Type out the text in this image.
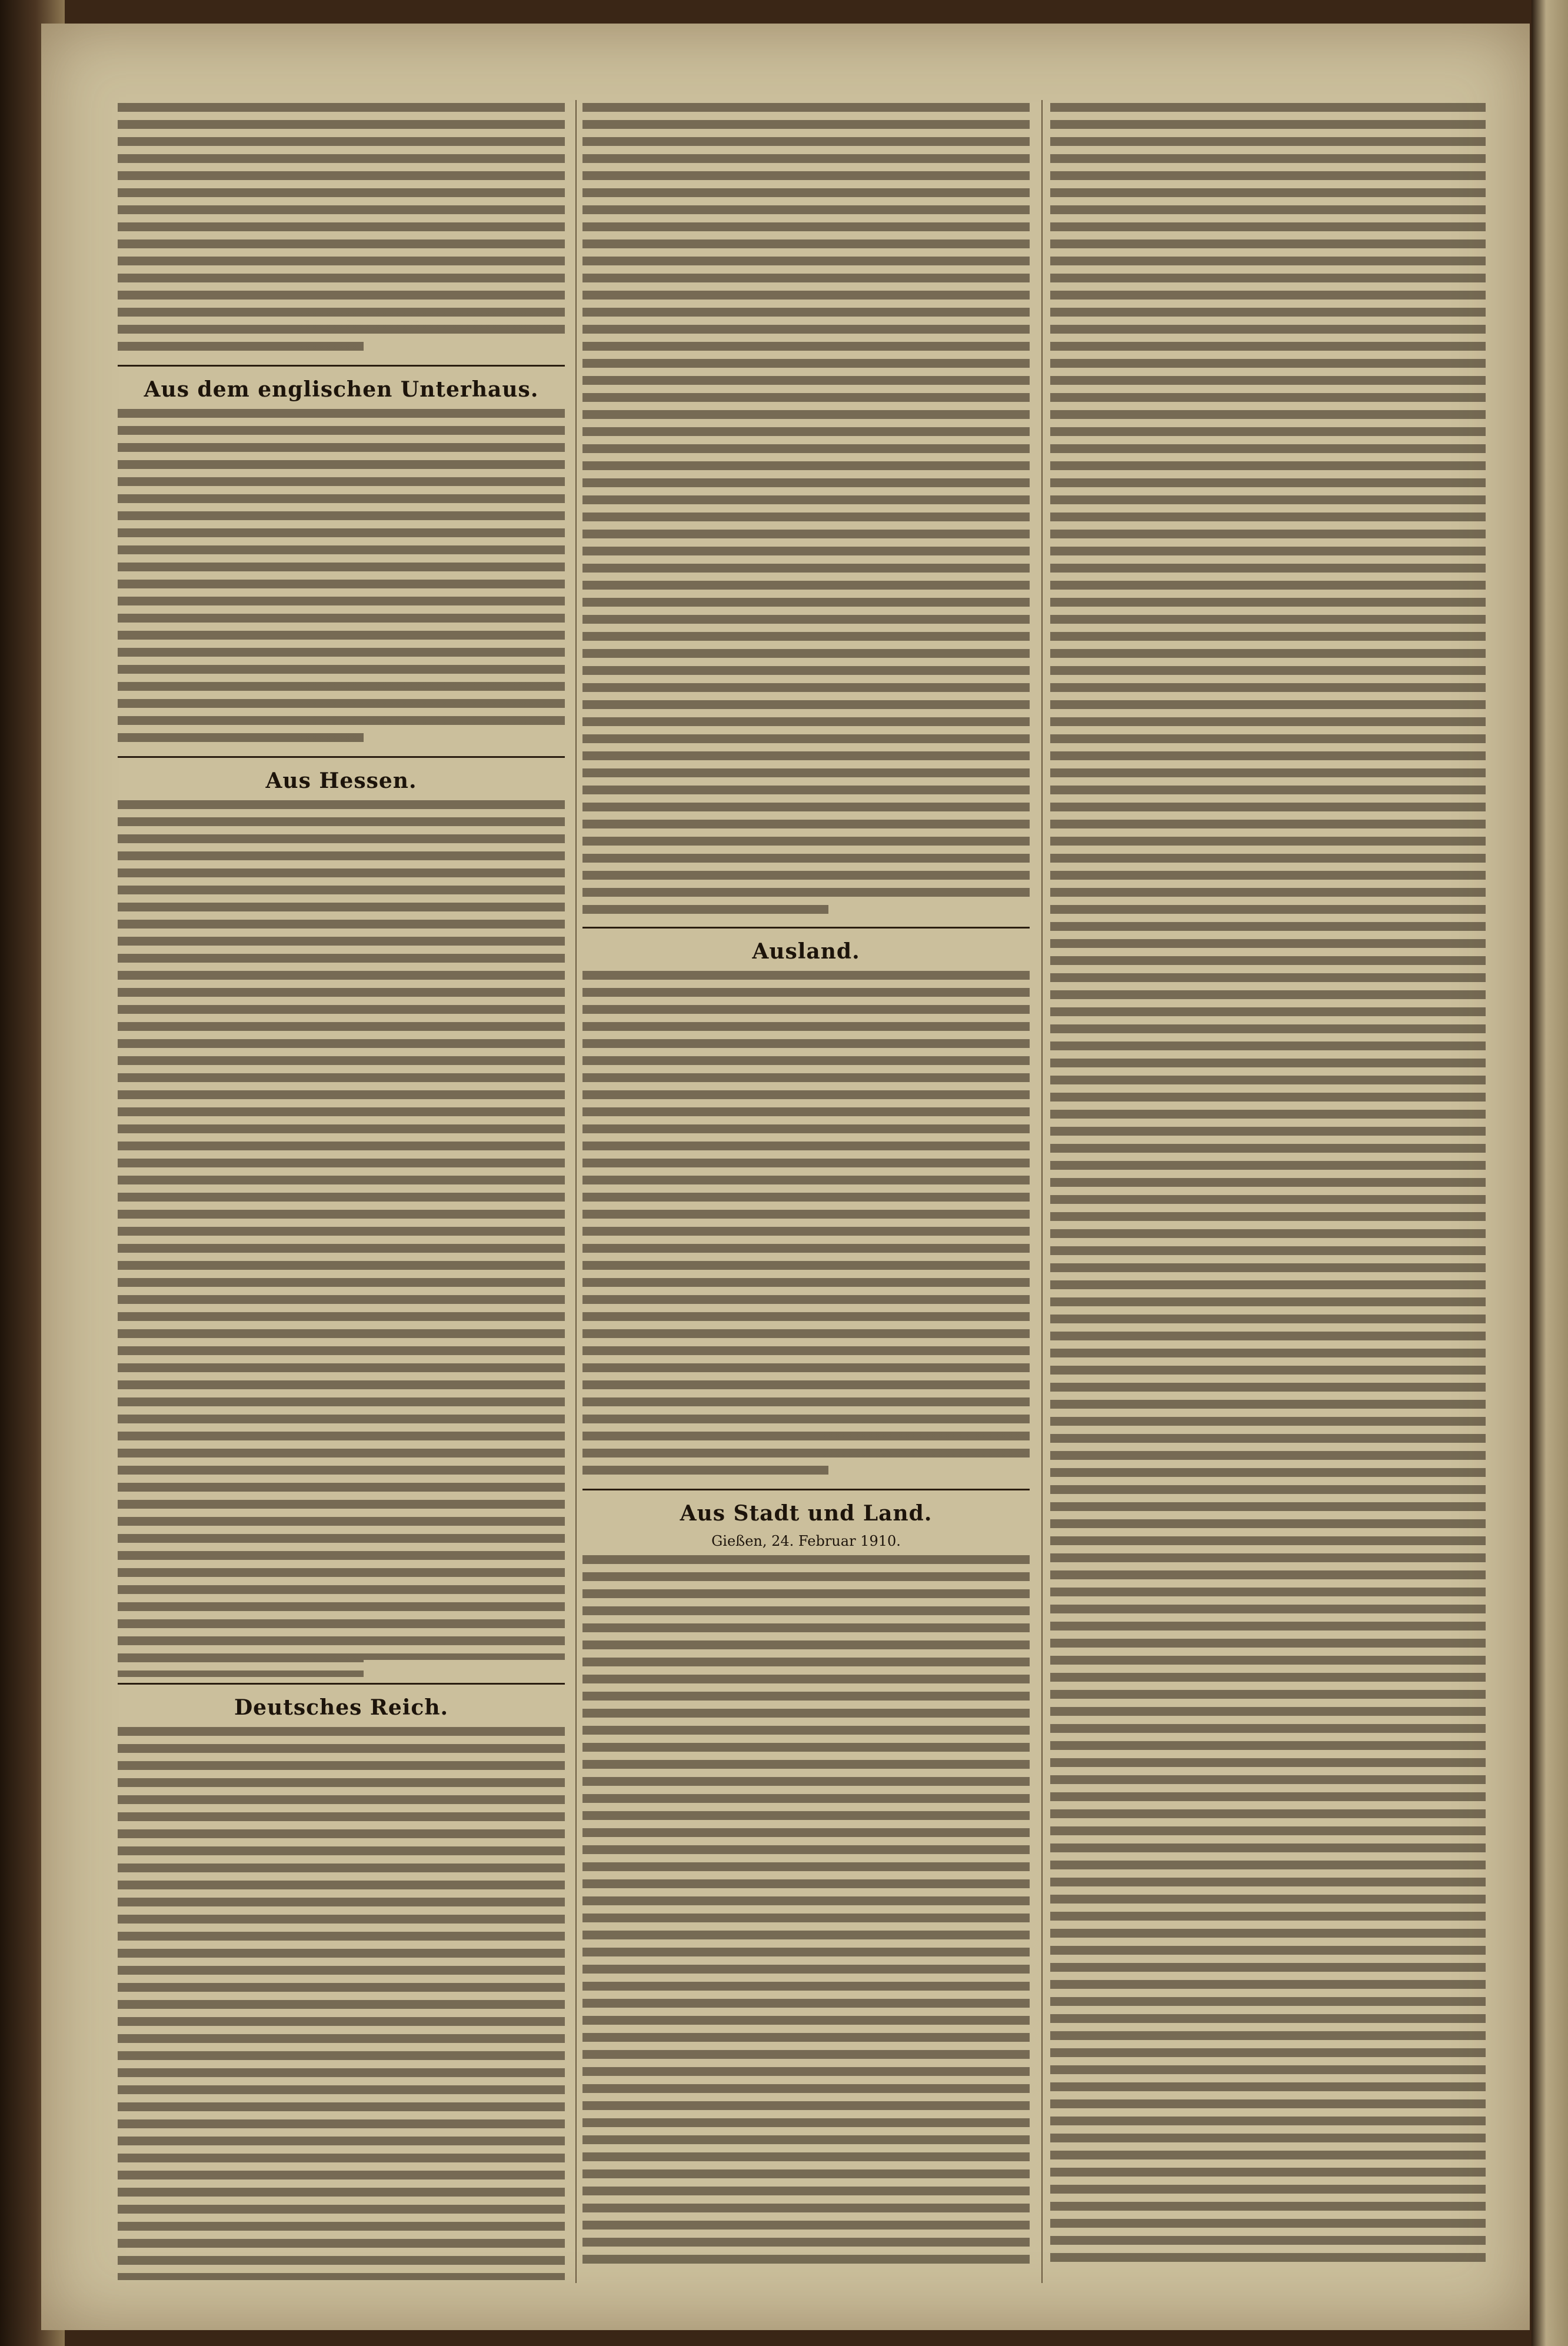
Aus dem englischen Unterhaus.
Aus Hessen.
Deutsches Reich.
Ausland.
Aus Stadt und Land.
Gießen, 24. Februar 1910.
